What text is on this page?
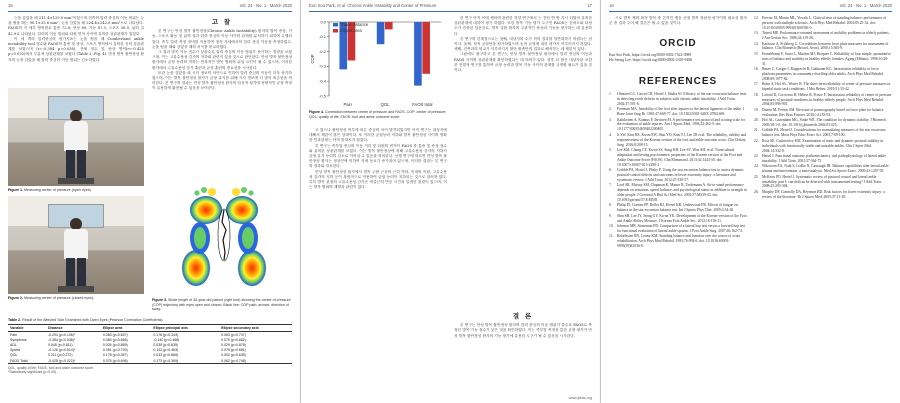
16	Vol. 24 · No. 1 · March 2020

는을 감았을 때 211.4±129.9 mm²이었으며 전족의 압력 중심의 이동 범위는 눈을 떴을 때는 90.1±35.6 mm², 눈을 감았을 때 224.4±242.6 mm²으로 나타났다. FAOS의 각 세부 영역별로 통증 72.8, 증상 80, 기능 87.5, 스포츠 58.9, 삶의 질 42.9로 나타났다. 압력의 이동 범위와 타원 면적 사이에 유의한 상관관계가 있었다.

이 세 개의 압력중심의 평가지표는 눈을 떴을 때 Cumberland ankle instability tool 점수와 FAOS의 통증 및 증상, 스포츠 영역에서 유의한 음의 상관관계를 보였으며 (r=-0.384 p=0.038), 전체 점수 및 증상 영역(r=-0.425 p=0.022)에서 부분적 상관관계를 보였다 (Table 2, Fig. 4). 만성 발목 불안정성 환자의 눈을 감았을 때 압력 중심의 이동 범위는 감소하였다.

Figure 1. Measuring center of pressure (open eyes).
Figure 2. Measuring center of pressure (closed eyes).
고 찰

본 연구는 만성 발목 불안정성(Chronic Ankle Instability) 환자의 발목 증상, 기능, 스포츠 활동 및 삶의 질과 압력 중심의 이동 사이의 관계를 분석하기 위하여 수행되었다. 족부 압력 측정 장비를 이용하여 정적 자세에서의 압력 중심 이동을 측정하였고, 눈을 떴을 때와 감았을 때의 차이를 비교하였다.

그 결과 발목 기능 점수가 낮을수록 압력 중심의 이동 범위가 증가하는 경향을 보였으며, 이는 고유수용성 감각의 저하와 관련이 있을 것으로 판단된다. 만성 발목 불안정성 환자에서 균형 능력의 저하는 반복적인 발목 염좌의 위험 요인이 될 수 있으며, 이러한 환자에서 고유수용성 감각 훈련과 균형 훈련의 중요성을 시사한다.

또한 눈을 감았을 때 시각 정보의 차단으로 인하여 압력 중심의 이동이 더욱 증가하였으며, 이는 발목 불안정성 환자가 균형 유지를 위해 시각 정보에 더 많이 의존함을 의미한다. 본 연구의 결과는 만성 발목 불안정성 환자의 임상적 평가에 정량적인 균형 측정이 유용하게 활용될 수 있음을 보여준다.

Figure 3. Stride length of 30-year-old patient (right foot) showing the center of pressure (COP) trajectory with eyes open and closed. Black line: COP path; arrows: direction of sway.
Table 2. Result of the Affected Side Examined with Open Eyes (Pearson Correlation Coefficients)
Variable	Distance	Ellipse area	Ellipse principal axis	Ellipse secondary axis
Pain	-0.294 (p=0.106)*	0.083 (p=0.657)	0.176 (p=0.343)	0.063 (p=0.737)
Symptoms	-0.384 (p=0.038)*	0.083 (p=0.666)	-0.140 (p=0.468)	0.079 (p=0.682)
ADL	0.045 (p=0.811)	0.026 (p=0.889)	0.039 (p=0.835)	0.029 (p=0.878)
Sports	-0.126 (p=0.514)*	0.051 (p=0.793)	0.142 (p=0.463)	0.079 (p=0.681)
QOL	0.211 (p=0.272)	0.178 (p=0.357)	0.033 (p=0.866)	0.092 (p=0.635)
FAOS Total	-0.425 (p=0.022)*	0.075 (p=0.696)	0.173 (p=0.369)	0.062 (p=0.748)
QOL, quality of life; FAOS, foot and ankle outcome score.
*Statistically significant (p<0.05).
Eun Soo Park, et al. Chronic Ankle Instability and Center of Pressure	17
0.0
-0.1
-0.2
-0.3
-0.4
-0.5
COP
Pain	QOL	FAOS total
Travel distance
Ellipse area
Figure 4. Correlation between center of pressure and FAOS. COP: center of pressure; QOL: quality of life; FAOS: foot and ankle outcome score.

고 있으나 불안정성 여부에 따른 중심의 차이 발견되었지만 아직 연구는 대상자에 대해서 제한이 많은 상태이다. 또 이러한 균형능력 저하와 발목 불안정성 사이의 명확한 인과관계는 아직 밝혀지지 않았다.

본 연구는 족부압 중심의 이동 거리 및 타원의 면적이 FAOS 중 통증 및 증상 점수와 유의한 상관관계를 보였다. 이는 발목 불안정성에 의해 고유수용성 감각의 저하가 균형 유지 능력의 감소로 이어질 수 있음을 의미한다. 선행 연구에 따르면 만성 발목 불안정성 환자는 정상인에 비하여 자세 동요가 증가되어 있으며, 이러한 결과는 본 연구의 결과와 일치한다.

만성 발목 불안정성 환자에서 발목 주변 근육의 근력 약화, 인대의 이완, 고유수용성 감각의 저하 등이 복합적으로 작용하여 균형 능력이 저하되는 것으로 알려져 있다. 특히 발목 관절의 고유수용성 감각은 비골근의 반응 시간과 밀접한 관련이 있으며, 이는 발목 염좌의 재발과 관련이 있다.

한 연구 아직 이에 제어에 관련한 전향 연구에서 는 진단 연 방 지시 되었어 유의한 상관관계에 대하여 평가 하였다. 또한 발목 기능 평가 도구인 FAOS는 신뢰도와 타당도가 검증된 설문지로, 발목 질환 환자의 주관적인 증상과 기능을 평가하는 데 유용하다.

본 연구의 한계점으로는 첫째, 대상자의 수가 적어 결과를 일반화하기 어렵다는 점이다. 둘째, 정적 균형만을 평가하였으며 동적 균형에 대한 평가가 이루어지지 않았다. 셋째, 건측과의 비교가 이루어지지 않아 환측만의 결과로 해석하는 데 제한이 있다.

그럼에도 불구하고 본 연구는 만성 발목 불안정성 환자에서 압력 중심의 이동과 FAOS 사이의 상관관계를 확인하였다는 데 의의가 있다. 향후 더 많은 대상자를 포함한 전향적 연구를 통하여 균형 능력과 발목 기능 사이의 관계를 규명할 필요가 있을 것이다.

결 론

본 연구는 만성 발목 불안정성 환자의 압력 중심의 이동 범위가 클수록 FAOS로 측정한 발목 기능 점수가 낮은 것을 확인하였다. 이는 족부압 측정을 통한 균형 평가가 만성 발목 불안정성 환자의 기능 평가에 유용한 도구가 될 수 있음을 시사한다.

www.jkfas.org
18	Vol. 24 · No. 1 · March 2020

으로 발목 제의 최적 발목 중 본적인 행동 선정 발목 장판정 평가이의 필요성 환자 군 중 결과 주어 해 결론은 될 수 있을 것이다.

ORCID
Eun Soo Park, https://orcid.org/0000-0002-7522-0989
Ho Seong Lee, https://orcid.org/0000-0002-2350-9486
REFERENCES
1. Olmsted LC, Carcia CR, Hertel J, Shultz SJ. Efficacy of the star excursion balance tests in detecting reach deficits in subjects with chronic ankle instability. J Athl Train. 2002;37:501-6.
2. Freeman MA. Instability of the foot after injuries to the lateral ligament of the ankle. J Bone Joint Surg Br. 1965;47:669-77. doi: 10.1302/0301-620X.47B4.669.
3. Kaikkonen A, Kannus P, Järvinen M. A performance test protocol and scoring scale for the evaluation of ankle injuries. Am J Sports Med. 1994;22:462-9. doi: 10.1177/036354659402200405.
4. Ji SW, Kim HS, Kwon EW, Shin YO, Kim YJ, Lee JD et al. The reliability, validity and responsiveness of the Korean version of the foot and ankle outcome score. Clin Orthop Surg. 2016;8:208-15.
5. Lee KM, Chung CY, Kwon SS, Sung KH, Lee SY, Won SH, et al. Transcultural adaptation and testing psychometric properties of the Korean version of the Foot and Ankle Outcome Score (FAOS). Clin Rheumatol. 2013;32:1443-50. doi: 10.1007/s10067-013-2289-2.
6. Gribble PA, Hertel J, Plisky P. Using the star excursion balance test to assess dynamic postural-control deficits and outcomes in lower extremity injury: a literature and systematic review. J Athl Train. 2012;47:339-57.
7. Lord SR, Murray SM, Chapman K, Munro B, Tiedemann A. Sit-to-stand performance depends on sensation, speed, balance, and psychological status in addition to strength in older people. J Gerontol A Biol Sci Med Sci. 2002;57:M539-43. doi: 10.1093/gerona/57.8.M539.
8. Philip PJ, Coenen PP, Boller BJ, Kiesel KB, Underwood FB. Effects of fatigue on balance in the star excursion balance test. Int J Sports Phys Ther. 2009;4:34-40.
9. Shin SH, Lee JY, Jeong GY, Kwon YK. Development of the Korean-version of the Foot and Ankle Ability Measure. J Korean Foot Ankle Soc. 2012;16:116-21.
10. Johnson MR, Stoneman PD. Comparison of a lateral hop test versus a forward hop test for functional evaluation of lateral ankle sprains. J Foot Ankle Surg. 2007;46:162-74.
11. Rebelesten RN, Lenny KM. Standing balance and function over the course of acute rehabilitation. Arch Phys Med Rehabil. 1995;76:994-6. doi: 10.1016/S0003-9993(95)81036-8.
12. Frevrie EI, Martin ML, Vowels L. Clinical tests of standing balance: performance of persons with multiple sclerosis. Arch Phys Med Rehabil. 2004;85:25-32. doi: 10.1016/S0003-9993(03)00356-0.
13. Tinetti ME. Performance-oriented assessment of mobility problems in elderly patients. J Am Geriatr Soc. 1986;34:119-26.
14. Karlsson A, Frykberg G. Correlations between force plate measures for assessment of balance. Clin Biomech (Bristol, Avon). 2000;15:365-9.
15. Fransblomsi F, Sosia L, Martins MJ, Rioquez C. Reliability of four simple, quantitative tests of balance and mobility in healthy elderly females. Aging (Milano). 1998;10:26-31.
16. Bauer C, Gröger I, Rupprecht R, Gaßmann KG. Intrasession reliability of force platform parameters in community-dwelling older adults. Arch Phys Med Rehabil. 2008;89:1977-82.
17. Bohn A, Hof AL, Wotter R. The short-term reliability of center of pressure measures in bipedal static task conditions. J Mot Behav. 2019;51:33-42.
18. Lafond D, Corriveau H, Hébert R, Prince F. Intrasession reliability of center of pressure measures of postural steadiness in healthy elderly people. Arch Phys Med Rehabil. 2004;85:896-901.
19. Duarte M, Freitas SM. Revision of posturography based on force plate for balance evaluation. Rev Bras Fisioter. 2010;14:183-92.
20. Hof AL, Gazendam MG, Sinke WE. The condition for dynamic stability. J Biomech. 2005;38:1-8. doi: 10.1016/j.jbiomech.2004.03.025.
21. Gribble PA, Hertel J. Considerations for normalizing measures of the star excursion balance test. Meas Phys Educ Exerc Sci. 2003;7:89-100.
22. Ross SE, Guskiewicz KM. Examination of static and dynamic postural stability in individuals with functionally stable and unstable ankles. Clin J Sport Med. 2004;14:332-8.
23. Hertel J. Functional anatomy, pathomechanics, and pathophysiology of lateral ankle instability. J Athl Train. 2002;37:364-75.
24. Wikstrom EA, Naik S, Lodha N, Cauraugh JH. Balance capabilities after lateral ankle trauma and intervention: a meta-analysis. Med Sci Sports Exerc. 2009;41:1287-95.
25. McKeon PO, Hertel J. Systematic review of postural control and lateral ankle instability, part I: can deficits be detected with instrumented testing? J Athl Train. 2008;43:293-304.
26. Murphy DF, Connolly DA, Beynnon BD. Risk factors for lower extremity injury: a review of the literature. Br J Sports Med. 2003;37:13-29.
